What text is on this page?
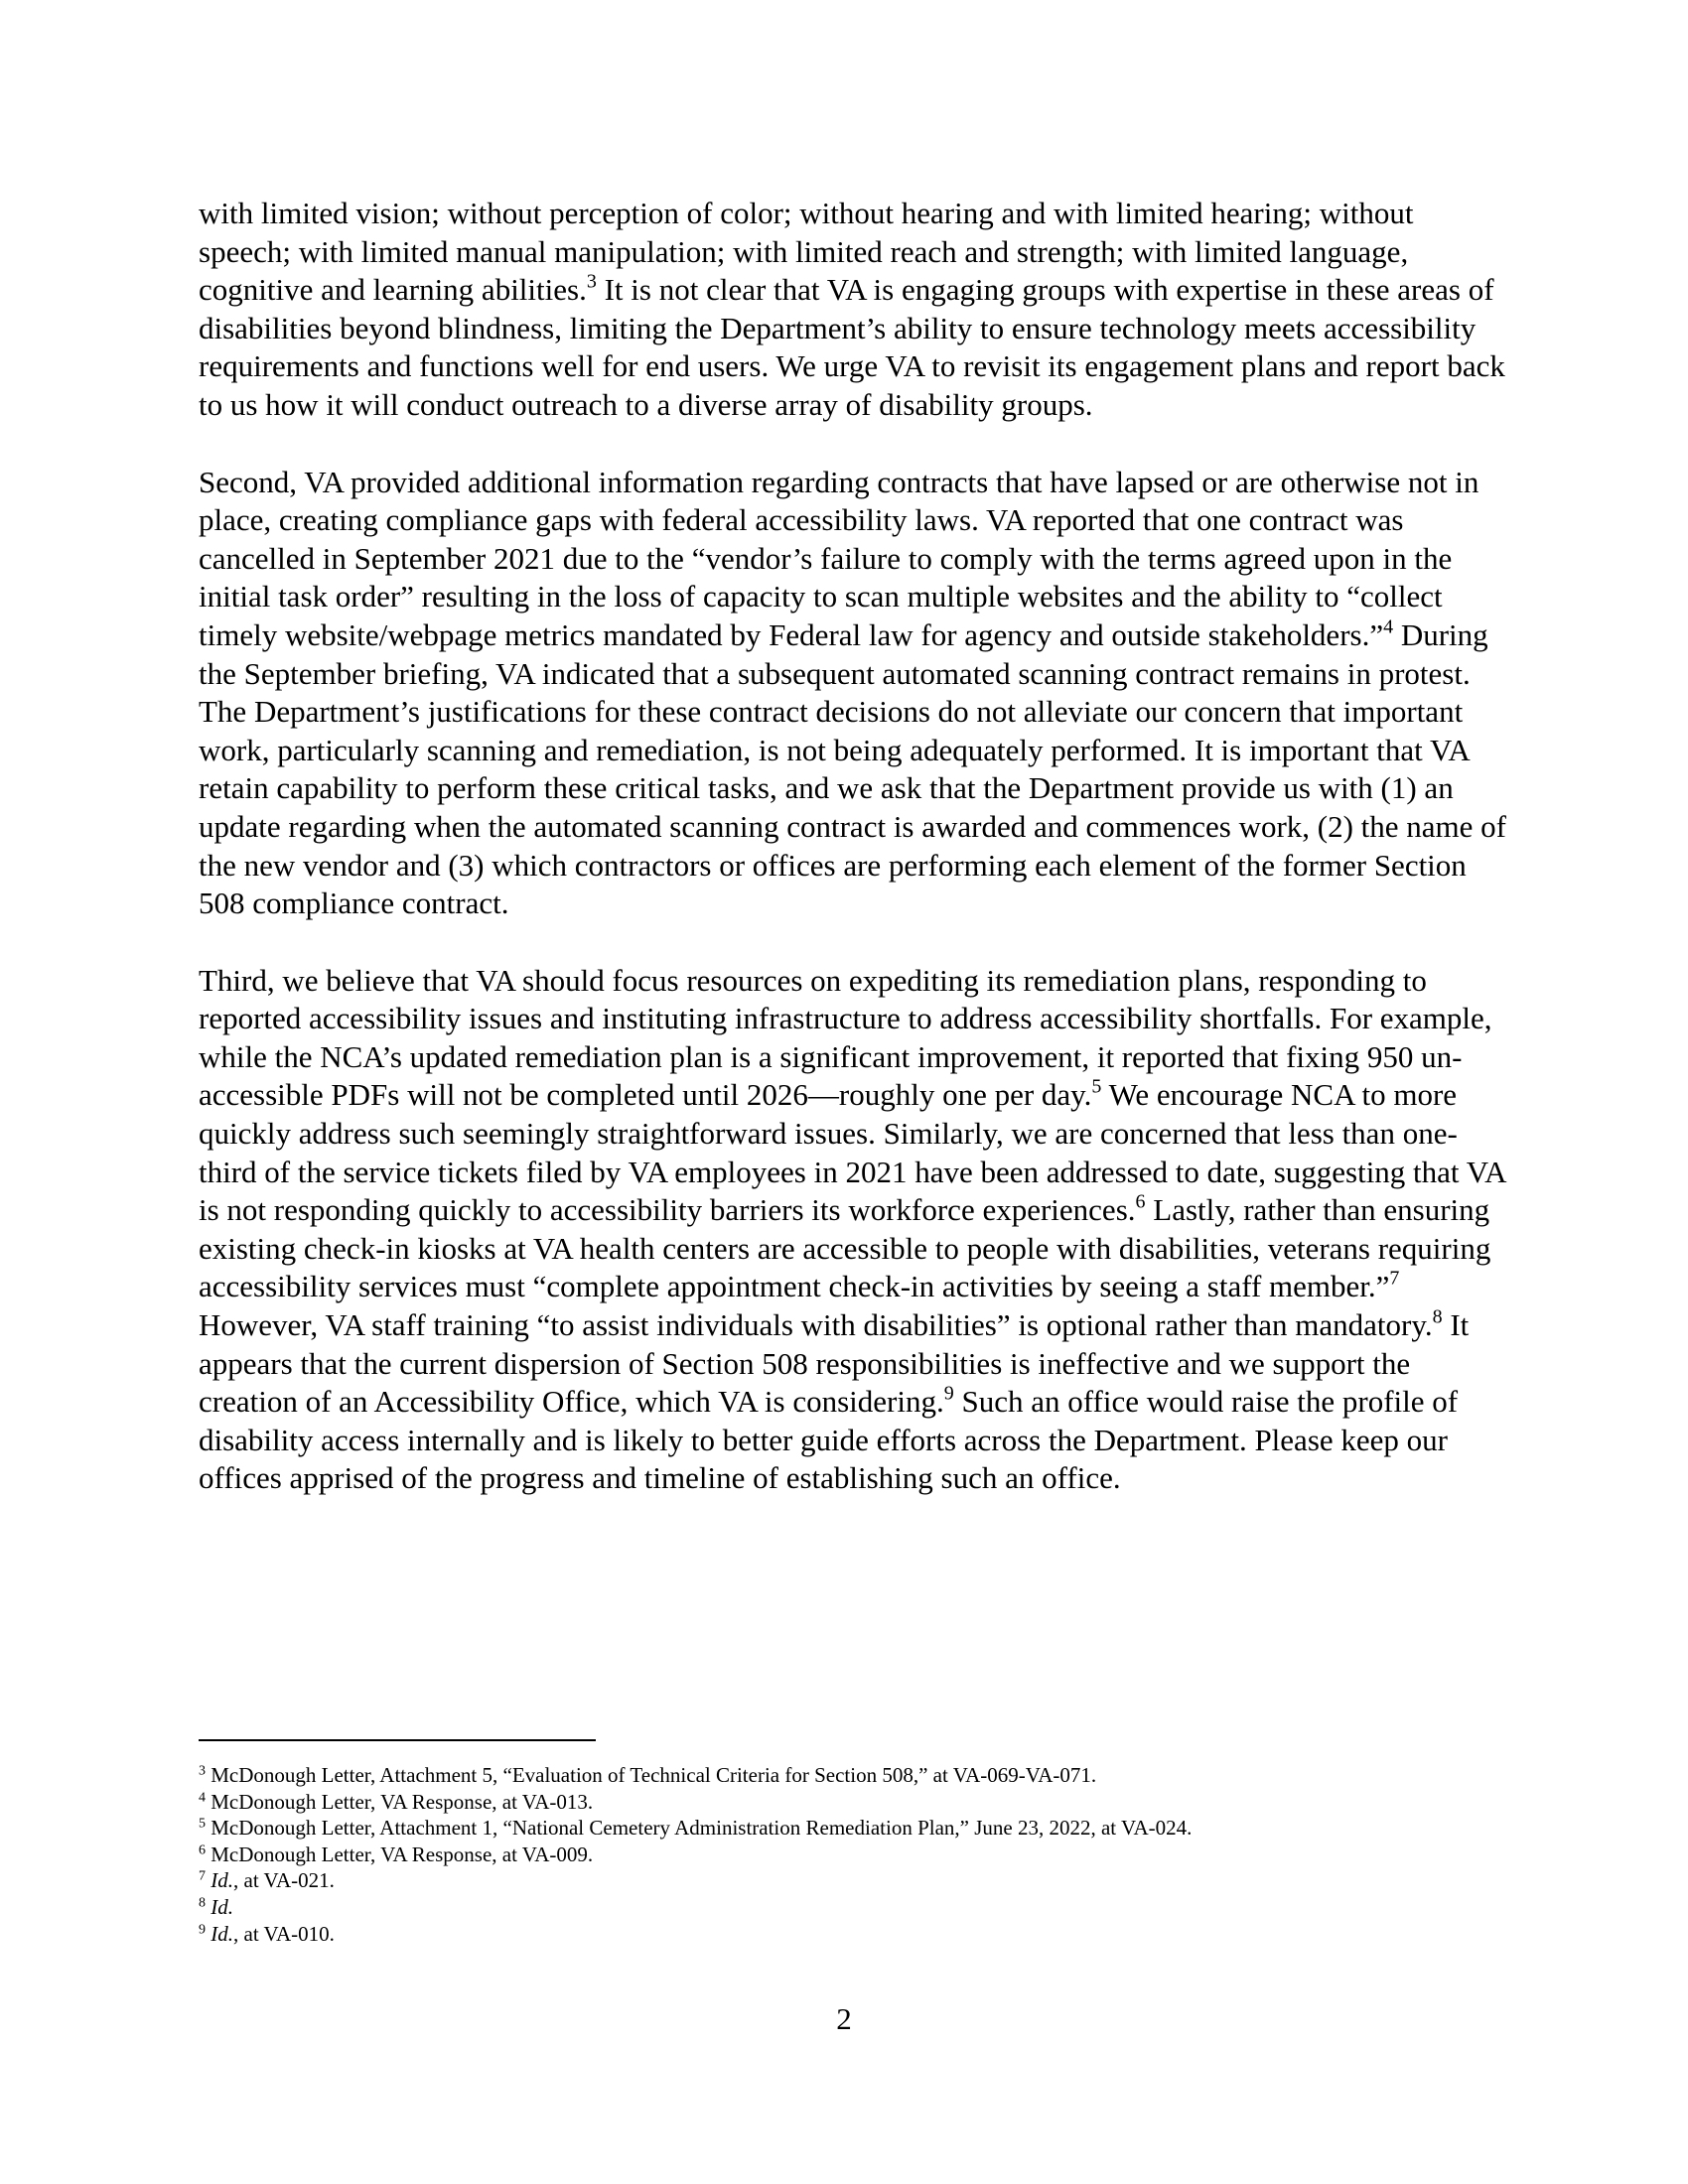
with limited vision; without perception of color; without hearing and with limited hearing; without speech; with limited manual manipulation; with limited reach and strength; with limited language, cognitive and learning abilities.$^3$ It is not clear that VA is engaging groups with expertise in these areas of disabilities beyond blindness, limiting the Department’s ability to ensure technology meets accessibility requirements and functions well for end users. We urge VA to revisit its engagement plans and report back to us how it will conduct outreach to a diverse array of disability groups.

Second, VA provided additional information regarding contracts that have lapsed or are otherwise not in place, creating compliance gaps with federal accessibility laws. VA reported that one contract was cancelled in September 2021 due to the “vendor’s failure to comply with the terms agreed upon in the initial task order” resulting in the loss of capacity to scan multiple websites and the ability to “collect timely website/webpage metrics mandated by Federal law for agency and outside stakeholders.”$^4$ During the September briefing, VA indicated that a subsequent automated scanning contract remains in protest. The Department’s justifications for these contract decisions do not alleviate our concern that important work, particularly scanning and remediation, is not being adequately performed. It is important that VA retain capability to perform these critical tasks, and we ask that the Department provide us with (1) an update regarding when the automated scanning contract is awarded and commences work, (2) the name of the new vendor and (3) which contractors or offices are performing each element of the former Section 508 compliance contract.

Third, we believe that VA should focus resources on expediting its remediation plans, responding to reported accessibility issues and instituting infrastructure to address accessibility shortfalls. For example, while the NCA’s updated remediation plan is a significant improvement, it reported that fixing 950 un-accessible PDFs will not be completed until 2026—roughly one per day.$^5$ We encourage NCA to more quickly address such seemingly straightforward issues. Similarly, we are concerned that less than one-third of the service tickets filed by VA employees in 2021 have been addressed to date, suggesting that VA is not responding quickly to accessibility barriers its workforce experiences.$^6$ Lastly, rather than ensuring existing check-in kiosks at VA health centers are accessible to people with disabilities, veterans requiring accessibility services must “complete appointment check-in activities by seeing a staff member.”$^7$ However, VA staff training “to assist individuals with disabilities” is optional rather than mandatory.$^8$ It appears that the current dispersion of Section 508 responsibilities is ineffective and we support the creation of an Accessibility Office, which VA is considering.$^9$ Such an office would raise the profile of disability access internally and is likely to better guide efforts across the Department. Please keep our offices apprised of the progress and timeline of establishing such an office.

$^3$ McDonough Letter, Attachment 5, “Evaluation of Technical Criteria for Section 508,” at VA-069-VA-071.
$^4$ McDonough Letter, VA Response, at VA-013.
$^5$ McDonough Letter, Attachment 1, “National Cemetery Administration Remediation Plan,” June 23, 2022, at VA-024.
$^6$ McDonough Letter, VA Response, at VA-009.
$^7$ Id., at VA-021.
$^8$ Id.
$^9$ Id., at VA-010.
2
